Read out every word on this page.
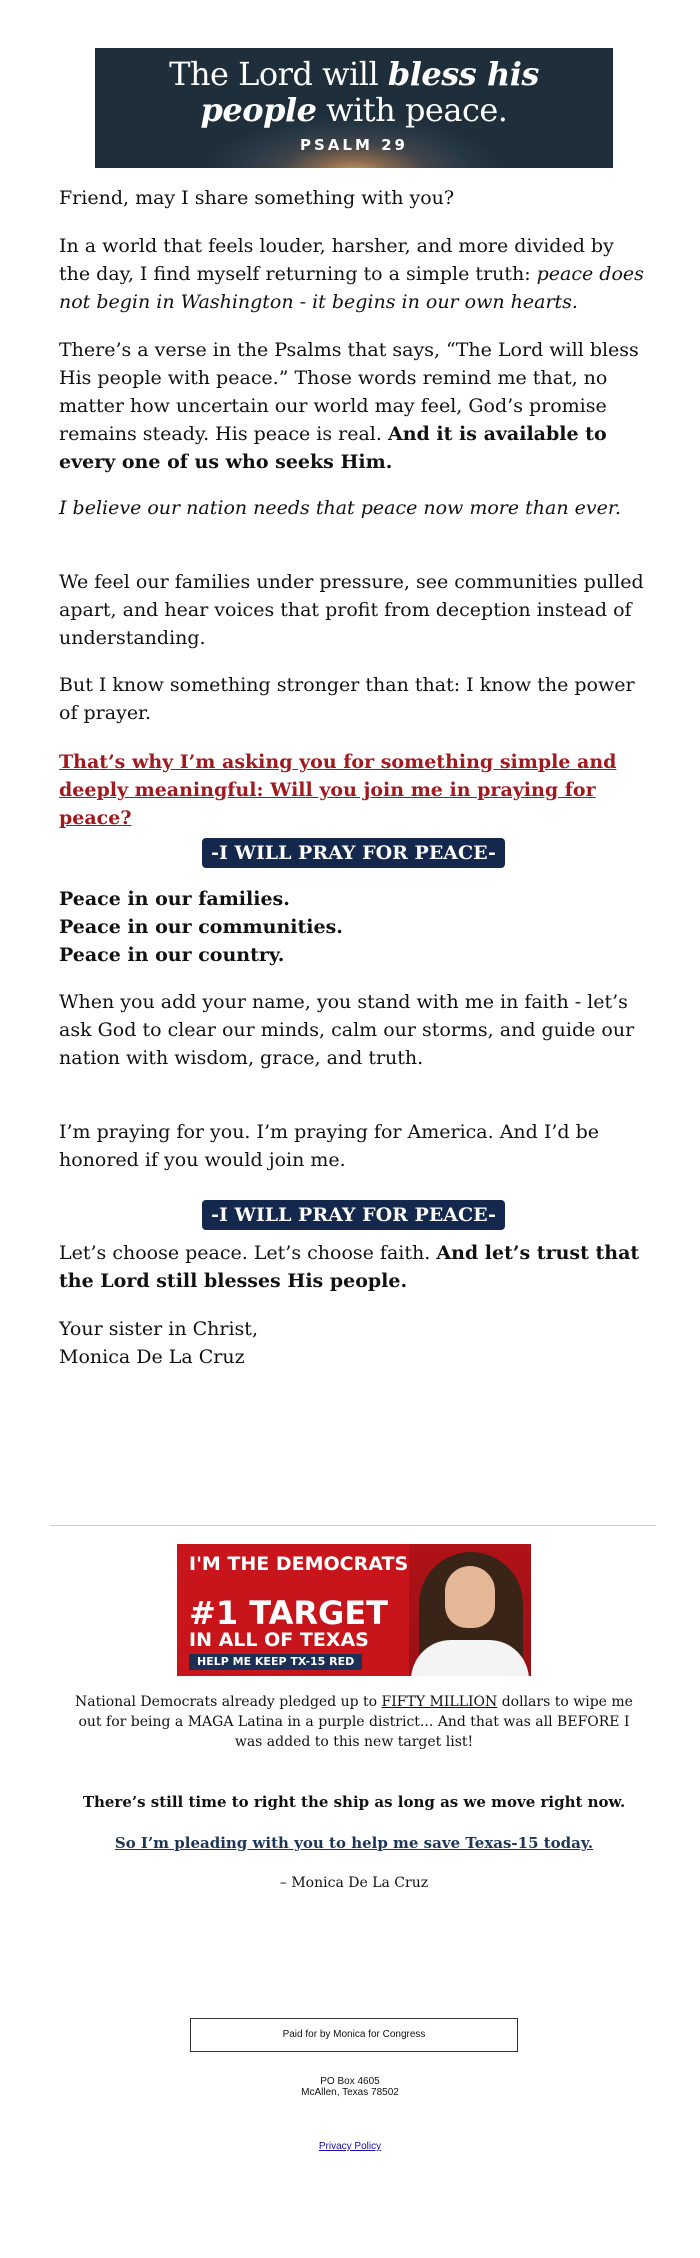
The Lord will bless his
people with peace.
PSALM 29

Friend, may I share something with you?

In a world that feels louder, harsher, and more divided by the day, I find myself returning to a simple truth: peace does not begin in Washington - it begins in our own hearts.

There’s a verse in the Psalms that says, “The Lord will bless His people with peace.” Those words remind me that, no matter how uncertain our world may feel, God’s promise remains steady. His peace is real. And it is available to every one of us who seeks Him.

I believe our nation needs that peace now more than ever.

We feel our families under pressure, see communities pulled apart, and hear voices that profit from deception instead of understanding.

But I know something stronger than that: I know the power of prayer.

That’s why I’m asking you for something simple and deeply meaningful: Will you join me in praying for peace?
-I WILL PRAY FOR PEACE-
Peace in our families.
Peace in our communities.
Peace in our country.

When you add your name, you stand with me in faith - let’s ask God to clear our minds, calm our storms, and guide our nation with wisdom, grace, and truth.

I’m praying for you. I’m praying for America. And I’d be honored if you would join me.

-I WILL PRAY FOR PEACE-

Let’s choose peace. Let’s choose faith. And let’s trust that the Lord still blesses His people.

Your sister in Christ,
Monica De La Cruz
I'M THE DEMOCRATS
#1 TARGET
IN ALL OF TEXAS
HELP ME KEEP TX-15 RED

National Democrats already pledged up to FIFTY MILLION dollars to wipe me out for being a MAGA Latina in a purple district... And that was all BEFORE I was added to this new target list!

There’s still time to right the ship as long as we move right now.

So I’m pleading with you to help me save Texas-15 today.

– Monica De La Cruz

Paid for by Monica for Congress
PO Box 4605
McAllen, Texas 78502
Privacy Policy
